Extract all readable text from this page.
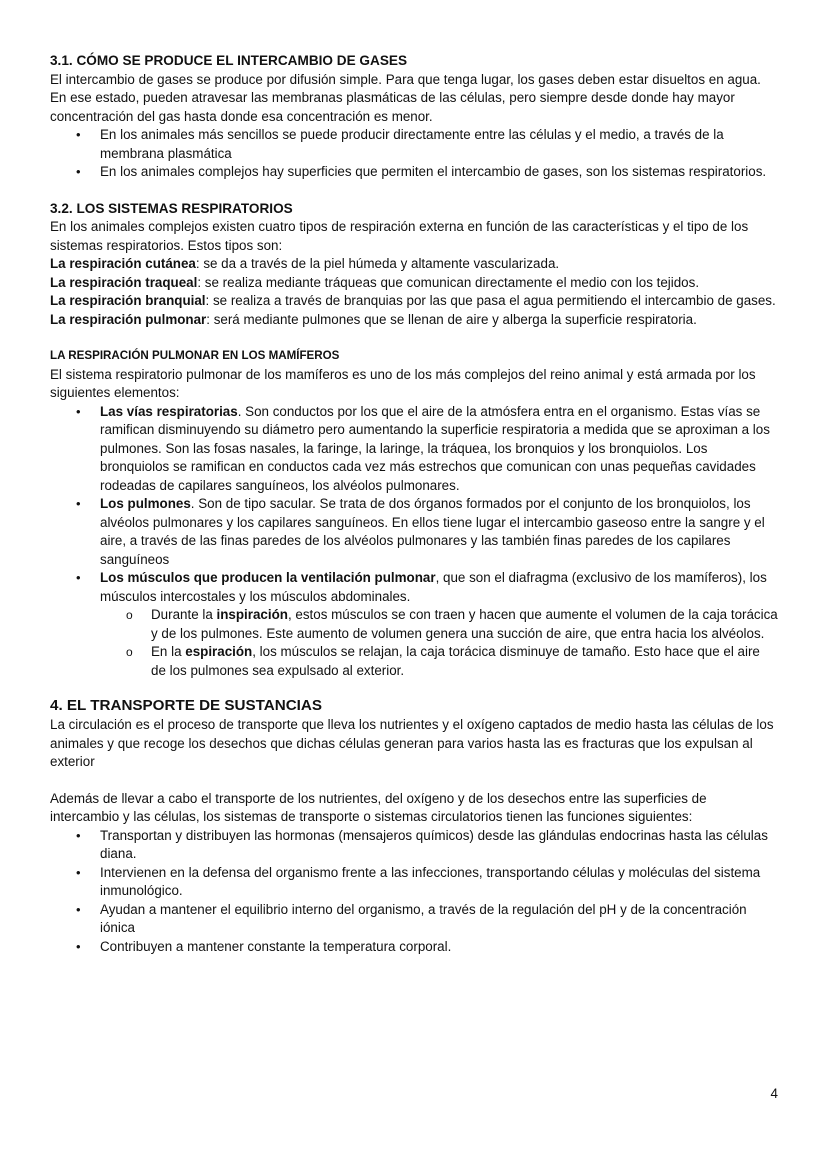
3.1. CÓMO SE PRODUCE EL INTERCAMBIO DE GASES

El intercambio de gases se produce por difusión simple. Para que tenga lugar, los gases deben estar disueltos en agua. En ese estado, pueden atravesar las membranas plasmáticas de las células, pero siempre desde donde hay mayor concentración del gas hasta donde esa concentración es menor.

• En los animales más sencillos se puede producir directamente entre las células y el medio, a través de la membrana plasmática
• En los animales complejos hay superficies que permiten el intercambio de gases, son los sistemas respiratorios.
3.2. LOS SISTEMAS RESPIRATORIOS

En los animales complejos existen cuatro tipos de respiración externa en función de las características y el tipo de los sistemas respiratorios. Estos tipos son:

La respiración cutánea: se da a través de la piel húmeda y altamente vascularizada.

La respiración traqueal: se realiza mediante tráqueas que comunican directamente el medio con los tejidos.

La respiración branquial: se realiza a través de branquias por las que pasa el agua permitiendo el intercambio de gases.

La respiración pulmonar: será mediante pulmones que se llenan de aire y alberga la superficie respiratoria.

LA RESPIRACIÓN PULMONAR EN LOS MAMÍFEROS

El sistema respiratorio pulmonar de los mamíferos es uno de los más complejos del reino animal y está armada por los siguientes elementos:

• Las vías respiratorias. Son conductos por los que el aire de la atmósfera entra en el organismo. Estas vías se ramifican disminuyendo su diámetro pero aumentando la superficie respiratoria a medida que se aproximan a los pulmones. Son las fosas nasales, la faringe, la laringe, la tráquea, los bronquios y los bronquiolos. Los bronquiolos se ramifican en conductos cada vez más estrechos que comunican con unas pequeñas cavidades rodeadas de capilares sanguíneos, los alvéolos pulmonares.
• Los pulmones. Son de tipo sacular. Se trata de dos órganos formados por el conjunto de los bronquiolos, los alvéolos pulmonares y los capilares sanguíneos. En ellos tiene lugar el intercambio gaseoso entre la sangre y el aire, a través de las finas paredes de los alvéolos pulmonares y las también finas paredes de los capilares sanguíneos
• Los músculos que producen la ventilación pulmonar, que son el diafragma (exclusivo de los mamíferos), los músculos intercostales y los músculos abdominales.
o Durante la inspiración, estos músculos se con traen y hacen que aumente el volumen de la caja torácica y de los pulmones. Este aumento de volumen genera una succión de aire, que entra hacia los alvéolos.
o En la espiración, los músculos se relajan, la caja torácica disminuye de tamaño. Esto hace que el aire de los pulmones sea expulsado al exterior.
4. EL TRANSPORTE DE SUSTANCIAS

La circulación es el proceso de transporte que lleva los nutrientes y el oxígeno captados de medio hasta las células de los animales y que recoge los desechos que dichas células generan para varios hasta las es fracturas que los expulsan al exterior

Además de llevar a cabo el transporte de los nutrientes, del oxígeno y de los desechos entre las superficies de intercambio y las células, los sistemas de transporte o sistemas circulatorios tienen las funciones siguientes:

• Transportan y distribuyen las hormonas (mensajeros químicos) desde las glándulas endocrinas hasta las células diana.
• Intervienen en la defensa del organismo frente a las infecciones, transportando células y moléculas del sistema inmunológico.
• Ayudan a mantener el equilibrio interno del organismo, a través de la regulación del pH y de la concentración iónica
• Contribuyen a mantener constante la temperatura corporal.
4
